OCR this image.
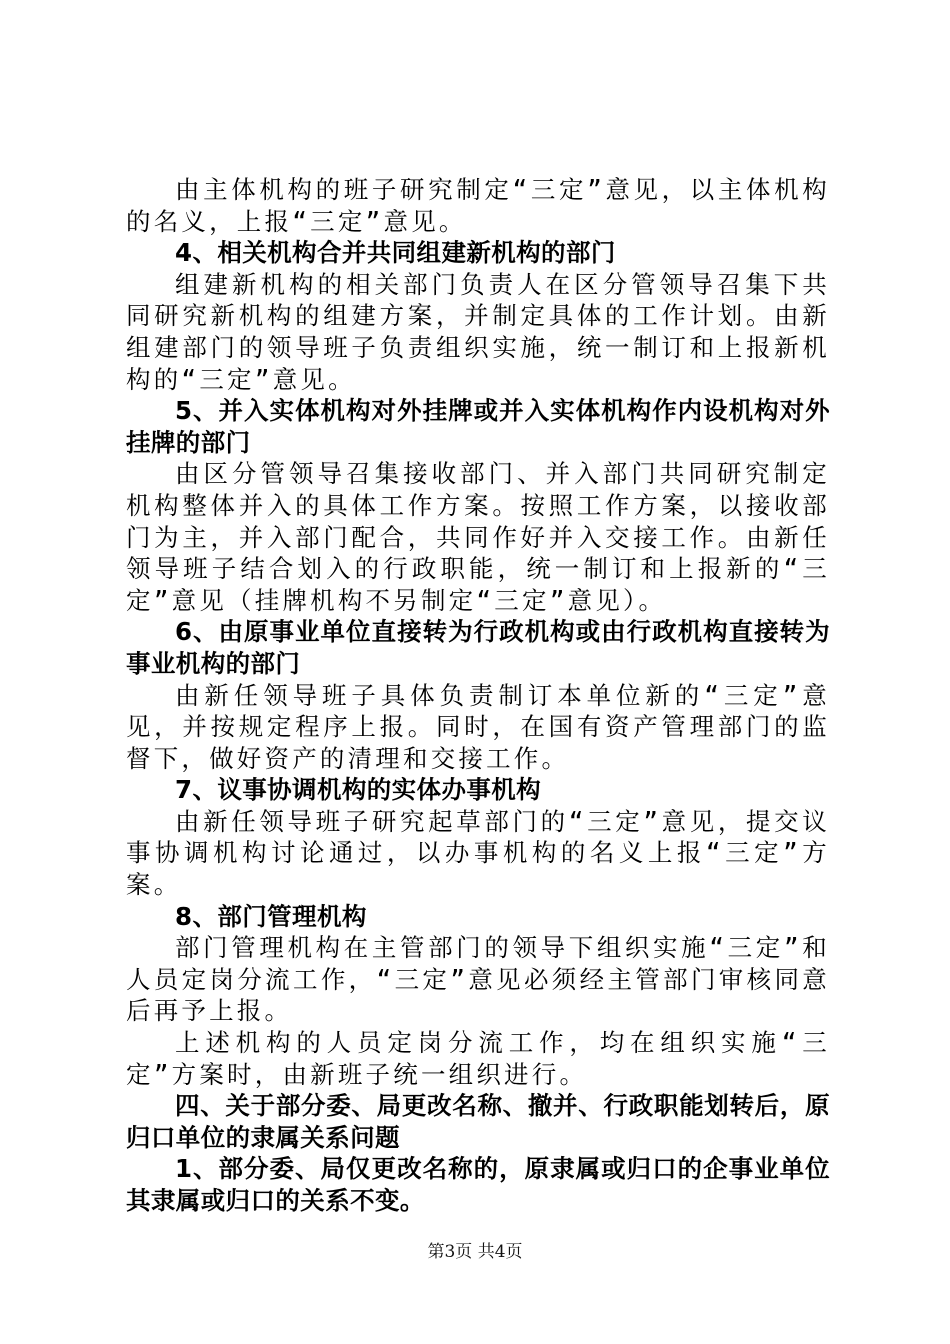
由主体机构的班子研究制定“三定”意见，以主体机构的名义，上报“三定”意见。

4、相关机构合并共同组建新机构的部门

组建新机构的相关部门负责人在区分管领导召集下共同研究新机构的组建方案，并制定具体的工作计划。由新组建部门的领导班子负责组织实施，统一制订和上报新机构的“三定”意见。

5、并入实体机构对外挂牌或并入实体机构作内设机构对外挂牌的部门

由区分管领导召集接收部门、并入部门共同研究制定机构整体并入的具体工作方案。按照工作方案，以接收部门为主，并入部门配合，共同作好并入交接工作。由新任领导班子结合划入的行政职能，统一制订和上报新的“三定”意见（挂牌机构不另制定“三定”意见）。

6、由原事业单位直接转为行政机构或由行政机构直接转为事业机构的部门

由新任领导班子具体负责制订本单位新的“三定”意见，并按规定程序上报。同时，在国有资产管理部门的监督下，做好资产的清理和交接工作。

7、议事协调机构的实体办事机构

由新任领导班子研究起草部门的“三定”意见，提交议事协调机构讨论通过，以办事机构的名义上报“三定”方案。

8、部门管理机构

部门管理机构在主管部门的领导下组织实施“三定”和人员定岗分流工作，“三定”意见必须经主管部门审核同意后再予上报。

上述机构的人员定岗分流工作，均在组织实施“三定”方案时，由新班子统一组织进行。

四、关于部分委、局更改名称、撤并、行政职能划转后，原归口单位的隶属关系问题

1、部分委、局仅更改名称的，原隶属或归口的企事业单位其隶属或归口的关系不变。

第3页 共4页
